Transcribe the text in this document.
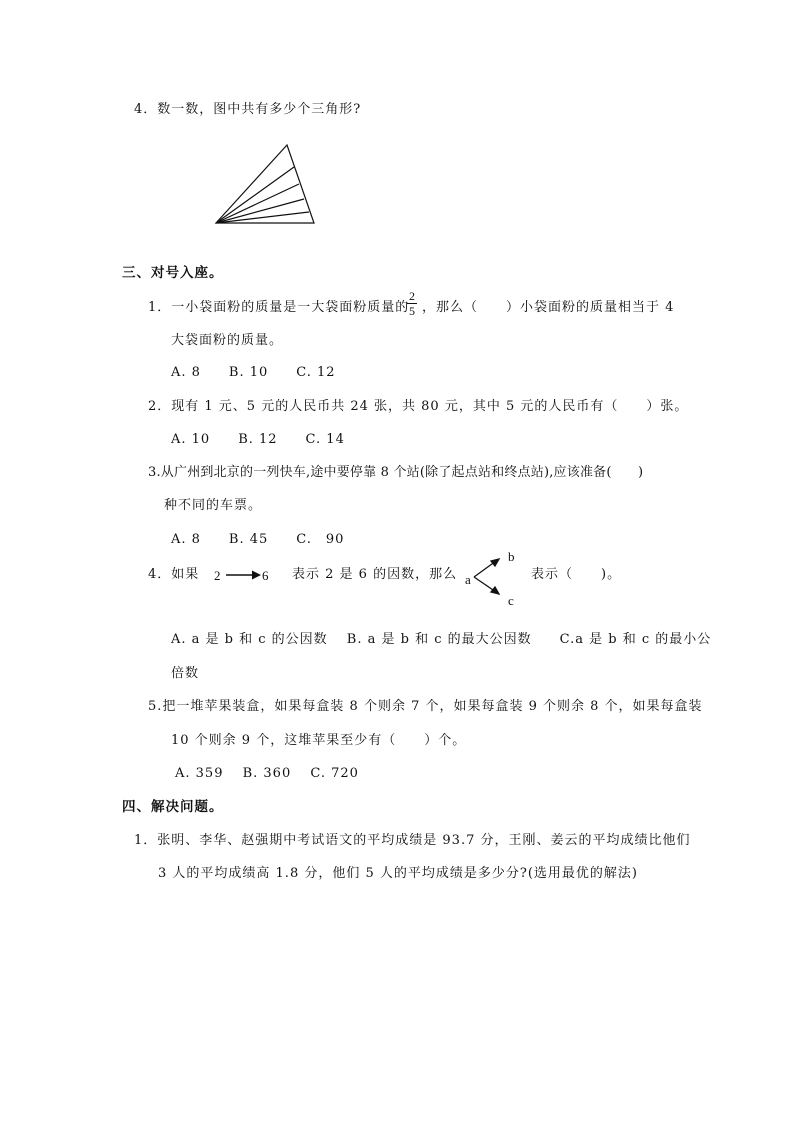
4．数一数，图中共有多少个三角形?
三、对号入座。
1．一小袋面粉的质量是一大袋面粉质量的
2
5 ，那么（　　）小袋面粉的质量相当于 4
大袋面粉的质量。
A. 8　　B. 10　　C. 12
2．现有 1 元、5 元的人民币共 24 张，共 80 元，其中 5 元的人民币有（　　）张。
A. 10　　B. 12　　C. 14
3.从广州到北京的一列快车,途中要停靠 8 个站(除了起点站和终点站),应该准备(　　)
种不同的车票。
A. 8　　B. 45　　C.　90
4．如果 2	6 表示 2 是 6 的因数，那么 a
b
c
表示（　　)。
A. a 是 b 和 c 的公因数　 B. a 是 b 和 c 的最大公因数　　C.a 是 b 和 c 的最小公
倍数
5.把一堆苹果装盒，如果每盒装 8 个则余 7 个，如果每盒装 9 个则余 8 个，如果每盒装
10 个则余 9 个，这堆苹果至少有（　　）个。
A. 359　 B. 360　 C. 720
四、解决问题。
1．张明、李华、赵强期中考试语文的平均成绩是 93.7 分，王刚、姜云的平均成绩比他们
3 人的平均成绩高 1.8 分，他们 5 人的平均成绩是多少分?(选用最优的解法)
